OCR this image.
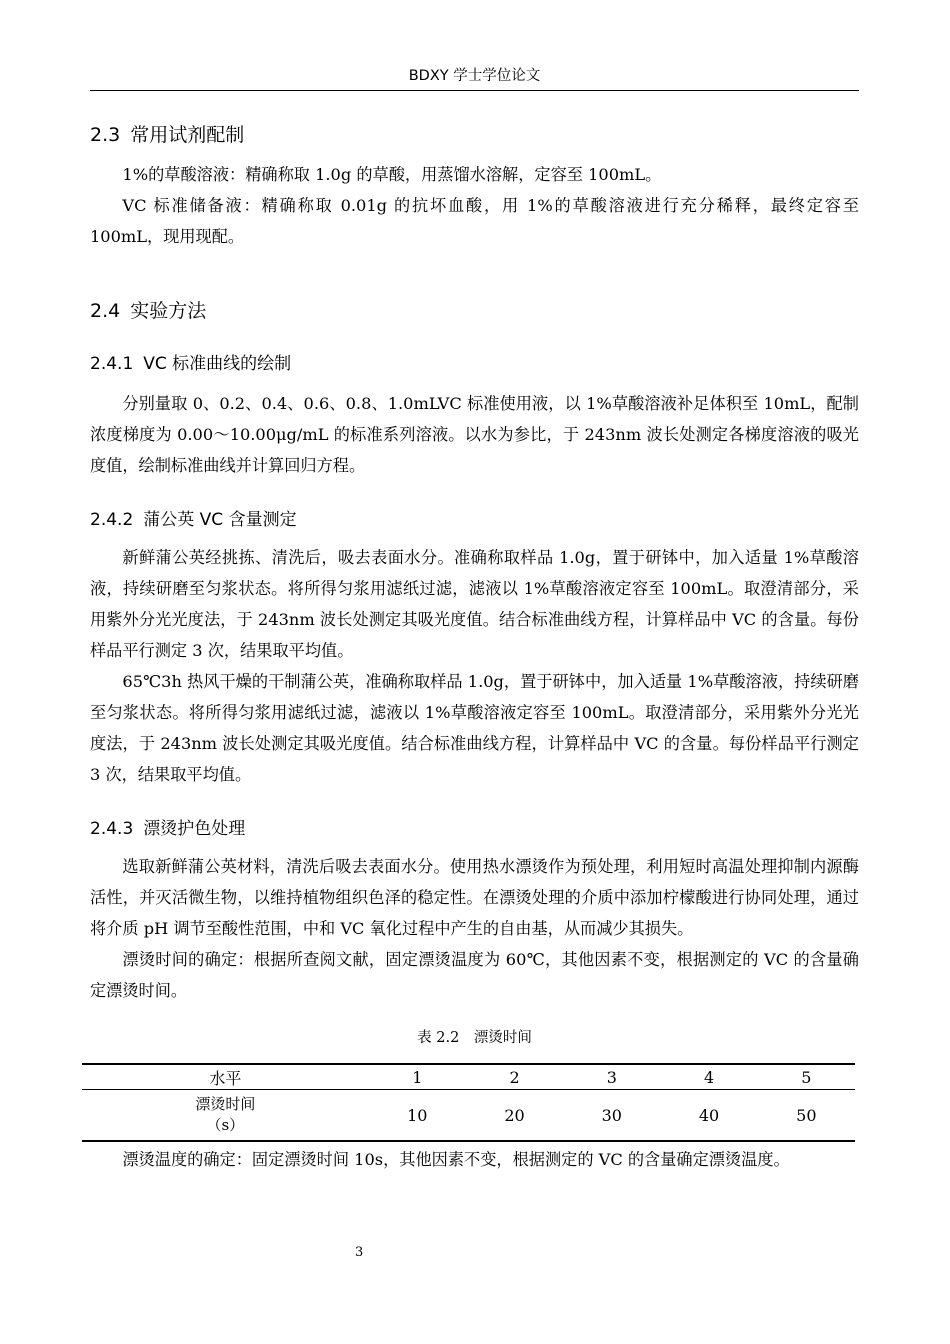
BDXY 学士学位论文
2.3 常用试剂配制

1%的草酸溶液：精确称取 1.0g 的草酸，用蒸馏水溶解，定容至 100mL。

VC 标准储备液：精确称取 0.01g 的抗坏血酸，用 1%的草酸溶液进行充分稀释，最终定容至 100mL，现用现配。

2.4 实验方法
2.4.1 VC 标准曲线的绘制

分别量取 0、0.2、0.4、0.6、0.8、1.0mLVC 标准使用液，以 1%草酸溶液补足体积至 10mL，配制浓度梯度为 0.00～10.00μg/mL 的标准系列溶液。以水为参比，于 243nm 波长处测定各梯度溶液的吸光度值，绘制标准曲线并计算回归方程。

2.4.2 蒲公英 VC 含量测定

新鲜蒲公英经挑拣、清洗后，吸去表面水分。准确称取样品 1.0g，置于研钵中，加入适量 1%草酸溶液，持续研磨至匀浆状态。将所得匀浆用滤纸过滤，滤液以 1%草酸溶液定容至 100mL。取澄清部分，采用紫外分光光度法，于 243nm 波长处测定其吸光度值。结合标准曲线方程，计算样品中 VC 的含量。每份样品平行测定 3 次，结果取平均值。

65℃3h 热风干燥的干制蒲公英，准确称取样品 1.0g，置于研钵中，加入适量 1%草酸溶液，持续研磨至匀浆状态。将所得匀浆用滤纸过滤，滤液以 1%草酸溶液定容至 100mL。取澄清部分，采用紫外分光光度法，于 243nm 波长处测定其吸光度值。结合标准曲线方程，计算样品中 VC 的含量。每份样品平行测定 3 次，结果取平均值。

2.4.3 漂烫护色处理

选取新鲜蒲公英材料，清洗后吸去表面水分。使用热水漂烫作为预处理，利用短时高温处理抑制内源酶活性，并灭活微生物，以维持植物组织色泽的稳定性。在漂烫处理的介质中添加柠檬酸进行协同处理，通过将介质 pH 调节至酸性范围，中和 VC 氧化过程中产生的自由基，从而减少其损失。

漂烫时间的确定：根据所查阅文献，固定漂烫温度为 60℃，其他因素不变，根据测定的 VC 的含量确定漂烫时间。

表 2.2　漂烫时间

水平	1	2	3	4	5

漂烫时间
（s）	10	20	30	40	50

漂烫温度的确定：固定漂烫时间 10s，其他因素不变，根据测定的 VC 的含量确定漂烫温度。

3
